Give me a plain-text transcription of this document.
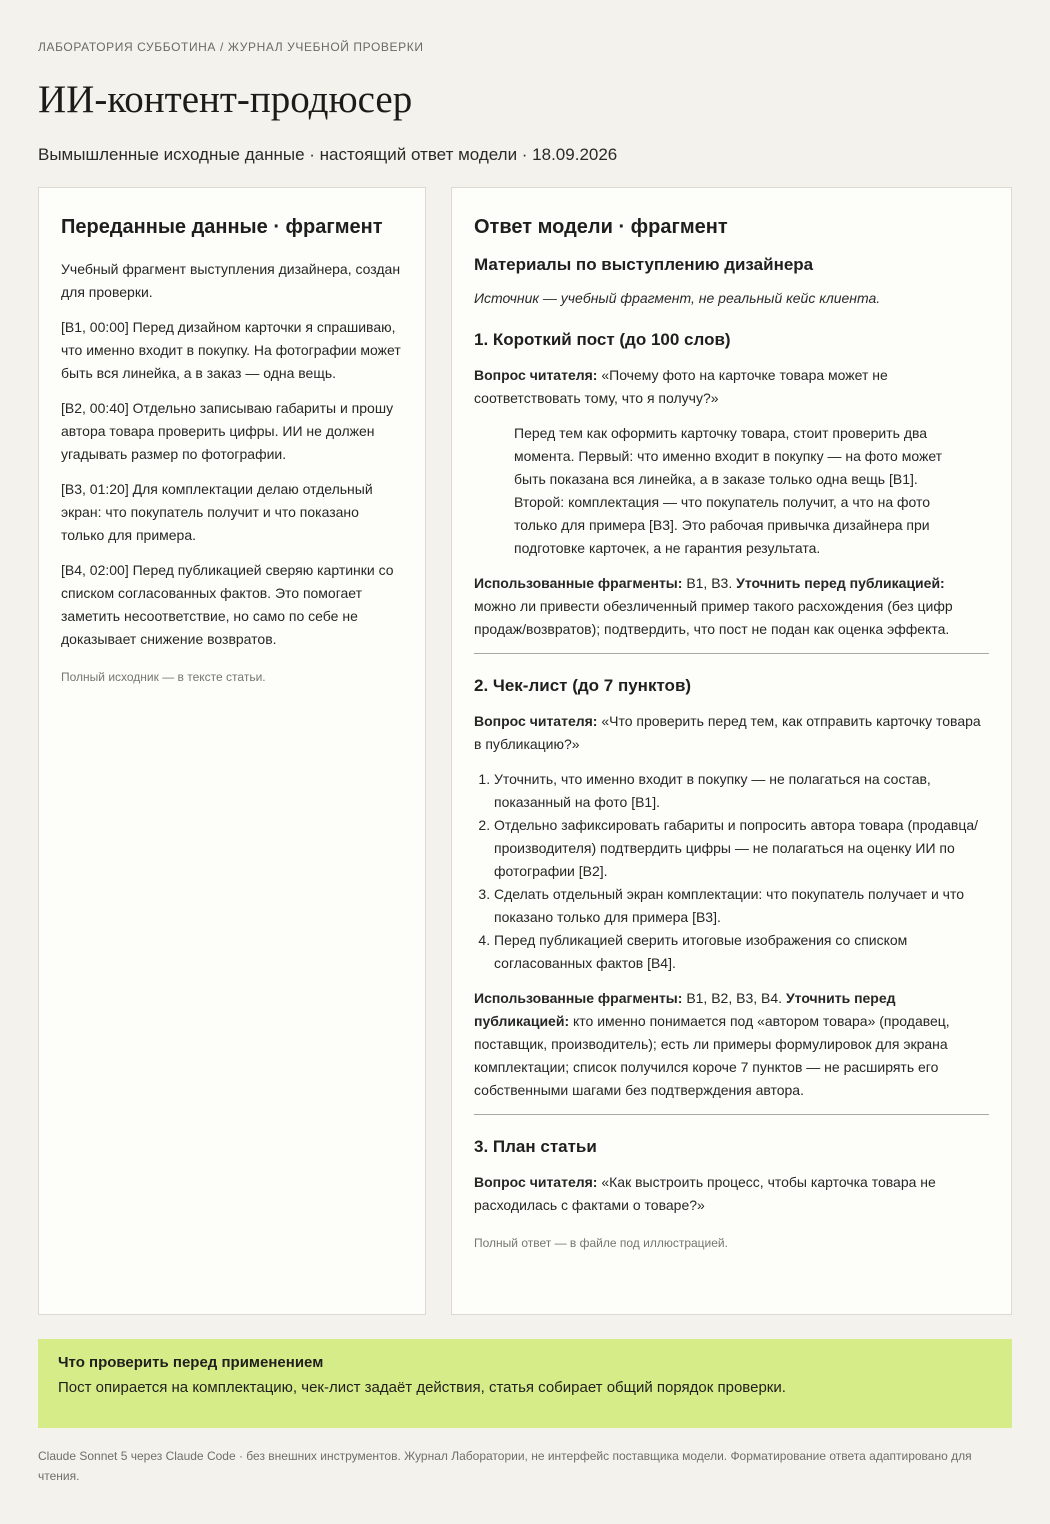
ЛАБОРАТОРИЯ СУББОТИНА / ЖУРНАЛ УЧЕБНОЙ ПРОВЕРКИ
ИИ-контент-продюсер
Вымышленные исходные данные · настоящий ответ модели · 18.09.2026
Переданные данные · фрагмент

Учебный фрагмент выступления дизайнера, создан для проверки.

[B1, 00:00] Перед дизайном карточки я спрашиваю, что именно входит в покупку. На фотографии может быть вся линейка, а в заказ — одна вещь.

[B2, 00:40] Отдельно записываю габариты и прошу автора товара проверить цифры. ИИ не должен угадывать размер по фотографии.

[B3, 01:20] Для комплектации делаю отдельный экран: что покупатель получит и что показано только для примера.

[B4, 02:00] Перед публикацией сверяю картинки со списком согласованных фактов. Это помогает заметить несоответствие, но само по себе не доказывает снижение возвратов.

Полный исходник — в тексте статьи.
Ответ модели · фрагмент
Материалы по выступлению дизайнера
Источник — учебный фрагмент, не реальный кейс клиента.
1. Короткий пост (до 100 слов)

Вопрос читателя: «Почему фото на карточке товара может не соответствовать тому, что я получу?»

Перед тем как оформить карточку товара, стоит проверить два момента. Первый: что именно входит в покупку — на фото может быть показана вся линейка, а в заказе только одна вещь [B1]. Второй: комплектация — что покупатель получит, а что на фото только для примера [B3]. Это рабочая привычка дизайнера при подготовке карточек, а не гарантия результата.

Использованные фрагменты: B1, B3. Уточнить перед публикацией: можно ли привести обезличенный пример такого расхождения (без цифр продаж/возвратов); подтвердить, что пост не подан как оценка эффекта.

2. Чек-лист (до 7 пунктов)

Вопрос читателя: «Что проверить перед тем, как отправить карточку товара в публикацию?»

1. Уточнить, что именно входит в покупку — не полагаться на состав, показанный на фото [B1].
2. Отдельно зафиксировать габариты и попросить автора товара (продавца/производителя) подтвердить цифры — не полагаться на оценку ИИ по фотографии [B2].
3. Сделать отдельный экран комплектации: что покупатель получает и что показано только для примера [B3].
4. Перед публикацией сверить итоговые изображения со списком согласованных фактов [B4].

Использованные фрагменты: B1, B2, B3, B4. Уточнить перед публикацией: кто именно понимается под «автором товара» (продавец, поставщик, производитель); есть ли примеры формулировок для экрана комплектации; список получился короче 7 пунктов — не расширять его собственными шагами без подтверждения автора.

3. План статьи

Вопрос читателя: «Как выстроить процесс, чтобы карточка товара не расходилась с фактами о товаре?»

Полный ответ — в файле под иллюстрацией.
Что проверить перед применением
Пост опирается на комплектацию, чек-лист задаёт действия, статья собирает общий порядок проверки.
Claude Sonnet 5 через Claude Code · без внешних инструментов. Журнал Лаборатории, не интерфейс поставщика модели. Форматирование ответа адаптировано для чтения.
